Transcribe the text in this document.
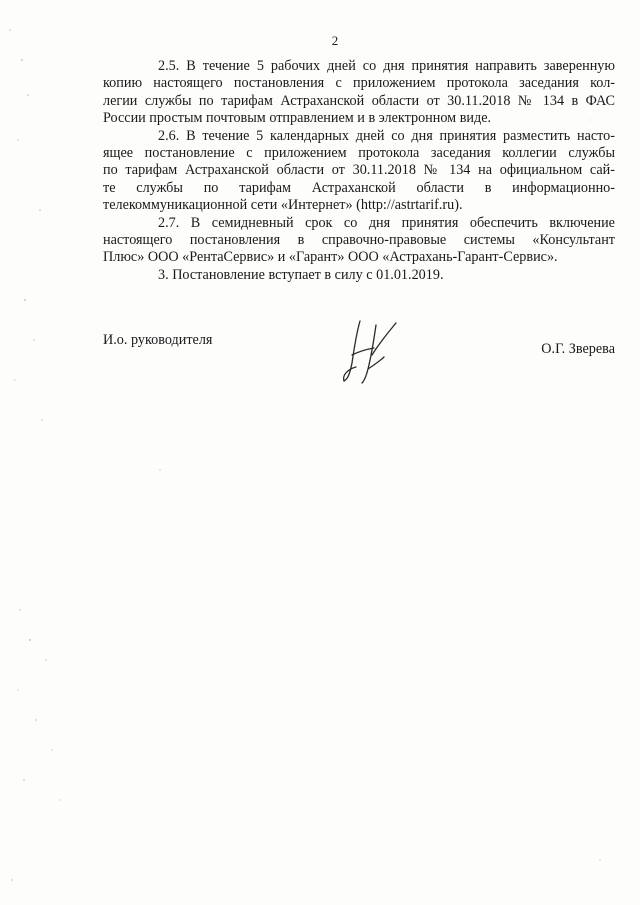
2
2.5. В течение 5 рабочих дней со дня принятия направить заверенную
копию настоящего постановления с приложением протокола заседания кол-
легии службы по тарифам Астраханской области от 30.11.2018 № 134 в ФАС
России простым почтовым отправлением и в электронном виде.
2.6. В течение 5 календарных дней со дня принятия разместить насто-
ящее постановление с приложением протокола заседания коллегии службы
по тарифам Астраханской области от 30.11.2018 № 134 на официальном сай-
те службы по тарифам Астраханской области в информационно-
телекоммуникационной сети «Интернет» (http://astrtarif.ru).
2.7. В семидневный срок со дня принятия обеспечить включение
настоящего постановления в справочно-правовые системы «Консультант
Плюс» ООО «РентаСервис» и «Гарант» ООО «Астрахань-Гарант-Сервис».
3. Постановление вступает в силу с 01.01.2019.
И.о. руководителя
О.Г. Зверева
